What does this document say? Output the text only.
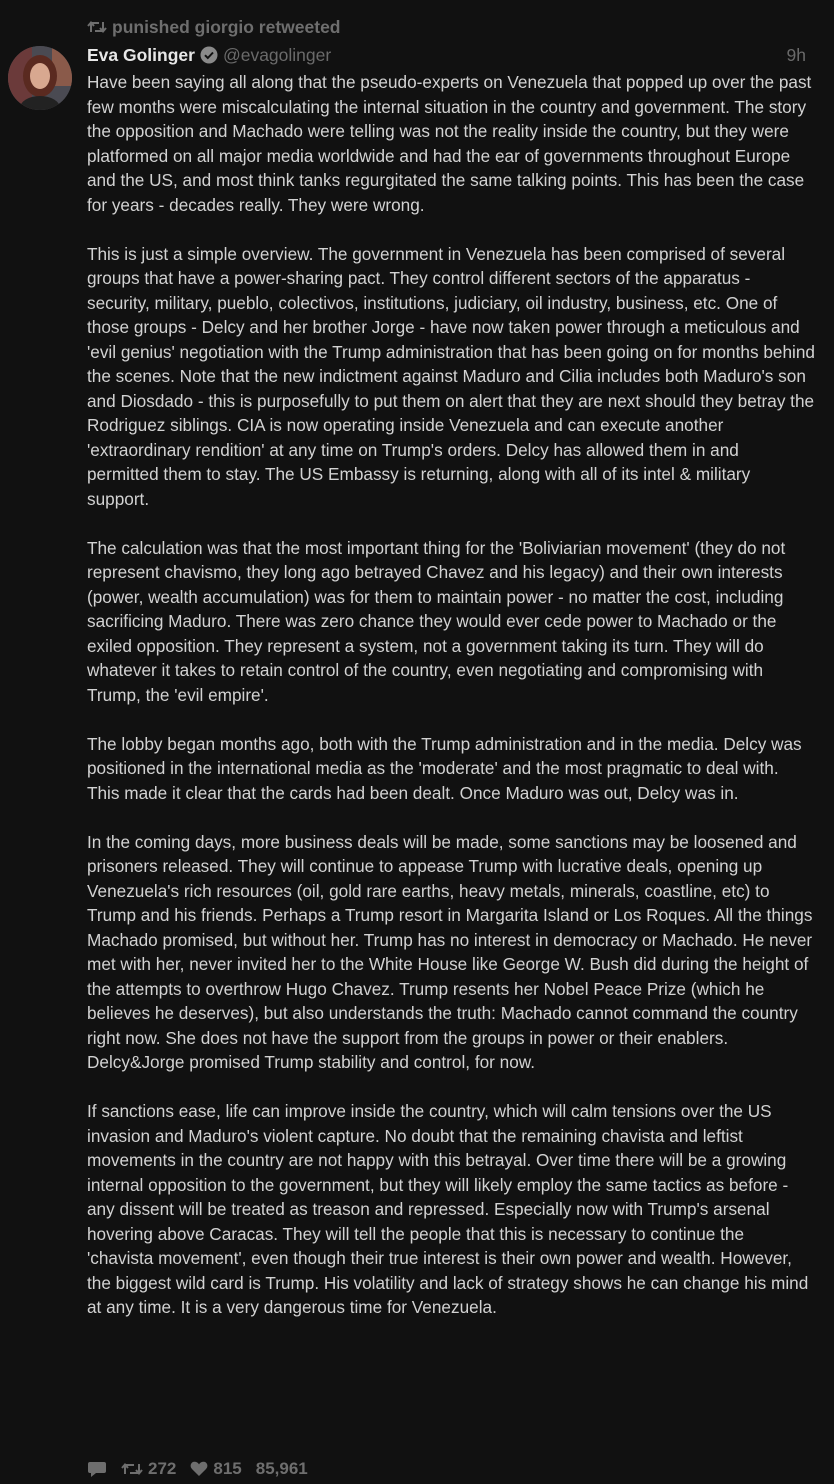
punished giorgio retweeted
Eva Golinger @evagolinger	9h

Have been saying all along that the pseudo-experts on Venezuela that popped up over the past few months were miscalculating the internal situation in the country and government. The story the opposition and Machado were telling was not the reality inside the country, but they were platformed on all major media worldwide and had the ear of governments throughout Europe and the US, and most think tanks regurgitated the same talking points. This has been the case for years - decades really. They were wrong.

This is just a simple overview. The government in Venezuela has been comprised of several groups that have a power-sharing pact. They control different sectors of the apparatus - security, military, pueblo, colectivos, institutions, judiciary, oil industry, business, etc. One of those groups - Delcy and her brother Jorge - have now taken power through a meticulous and 'evil genius' negotiation with the Trump administration that has been going on for months behind the scenes. Note that the new indictment against Maduro and Cilia includes both Maduro's son and Diosdado - this is purposefully to put them on alert that they are next should they betray the Rodriguez siblings. CIA is now operating inside Venezuela and can execute another 'extraordinary rendition' at any time on Trump's orders. Delcy has allowed them in and permitted them to stay. The US Embassy is returning, along with all of its intel & military support.

The calculation was that the most important thing for the 'Boliviarian movement' (they do not represent chavismo, they long ago betrayed Chavez and his legacy) and their own interests (power, wealth accumulation) was for them to maintain power - no matter the cost, including sacrificing Maduro. There was zero chance they would ever cede power to Machado or the exiled opposition. They represent a system, not a government taking its turn. They will do whatever it takes to retain control of the country, even negotiating and compromising with Trump, the 'evil empire'.

The lobby began months ago, both with the Trump administration and in the media. Delcy was positioned in the international media as the 'moderate' and the most pragmatic to deal with. This made it clear that the cards had been dealt. Once Maduro was out, Delcy was in.

In the coming days, more business deals will be made, some sanctions may be loosened and prisoners released. They will continue to appease Trump with lucrative deals, opening up Venezuela's rich resources (oil, gold rare earths, heavy metals, minerals, coastline, etc) to Trump and his friends. Perhaps a Trump resort in Margarita Island or Los Roques. All the things Machado promised, but without her. Trump has no interest in democracy or Machado. He never met with her, never invited her to the White House like George W. Bush did during the height of the attempts to overthrow Hugo Chavez. Trump resents her Nobel Peace Prize (which he believes he deserves), but also understands the truth: Machado cannot command the country right now. She does not have the support from the groups in power or their enablers. Delcy&Jorge promised Trump stability and control, for now.

If sanctions ease, life can improve inside the country, which will calm tensions over the US invasion and Maduro's violent capture. No doubt that the remaining chavista and leftist movements in the country are not happy with this betrayal. Over time there will be a growing internal opposition to the government, but they will likely employ the same tactics as before - any dissent will be treated as treason and repressed. Especially now with Trump's arsenal hovering above Caracas. They will tell the people that this is necessary to continue the 'chavista movement', even though their true interest is their own power and wealth. However, the biggest wild card is Trump. His volatility and lack of strategy shows he can change his mind at any time. It is a very dangerous time for Venezuela.

272 815 85,961
